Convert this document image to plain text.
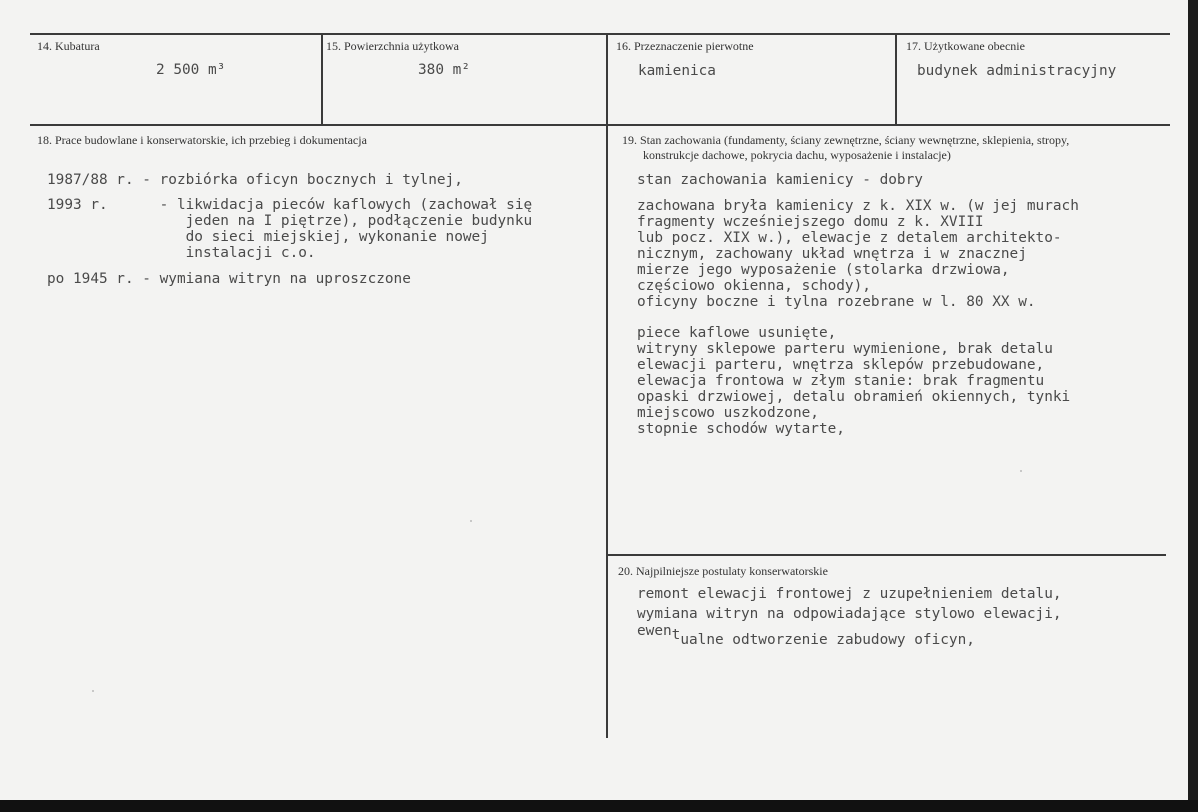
14. Kubatura
2 500 m³
15. Powierzchnia użytkowa
380 m²
16. Przeznaczenie pierwotne
kamienica
17. Użytkowane obecnie
budynek administracyjny
18. Prace budowlane i konserwatorskie, ich przebieg i dokumentacja
1987/88 r. - rozbiórka oficyn bocznych i tylnej,
1993 r.      - likwidacja pieców kaflowych (zachował się
jeden na I piętrze), podłączenie budynku
do sieci miejskiej, wykonanie nowej
instalacji c.o.
po 1945 r. - wymiana witryn na uproszczone
19. Stan zachowania (fundamenty, ściany zewnętrzne, ściany wewnętrzne, sklepienia, stropy,
konstrukcje dachowe, pokrycia dachu, wyposażenie i instalacje)
stan zachowania kamienicy - dobry
zachowana bryła kamienicy z k. XIX w. (w jej murach
fragmenty wcześniejszego domu z k. XVIII
lub pocz. XIX w.), elewacje z detalem architekto-
nicznym, zachowany układ wnętrza i w znacznej
mierze jego wyposażenie (stolarka drzwiowa,
częściowo okienna, schody),
oficyny boczne i tylna rozebrane w l. 80 XX w.
piece kaflowe usunięte,
witryny sklepowe parteru wymienione, brak detalu
elewacji parteru, wnętrza sklepów przebudowane,
elewacja frontowa w złym stanie: brak fragmentu
opaski drzwiowej, detalu obramień okiennych, tynki
miejscowo uszkodzone,
stopnie schodów wytarte,
20. Najpilniejsze postulaty konserwatorskie
remont elewacji frontowej z uzupełnieniem detalu,
wymiana witryn na odpowiadające stylowo elewacji,
ewentualne odtworzenie zabudowy oficyn,
